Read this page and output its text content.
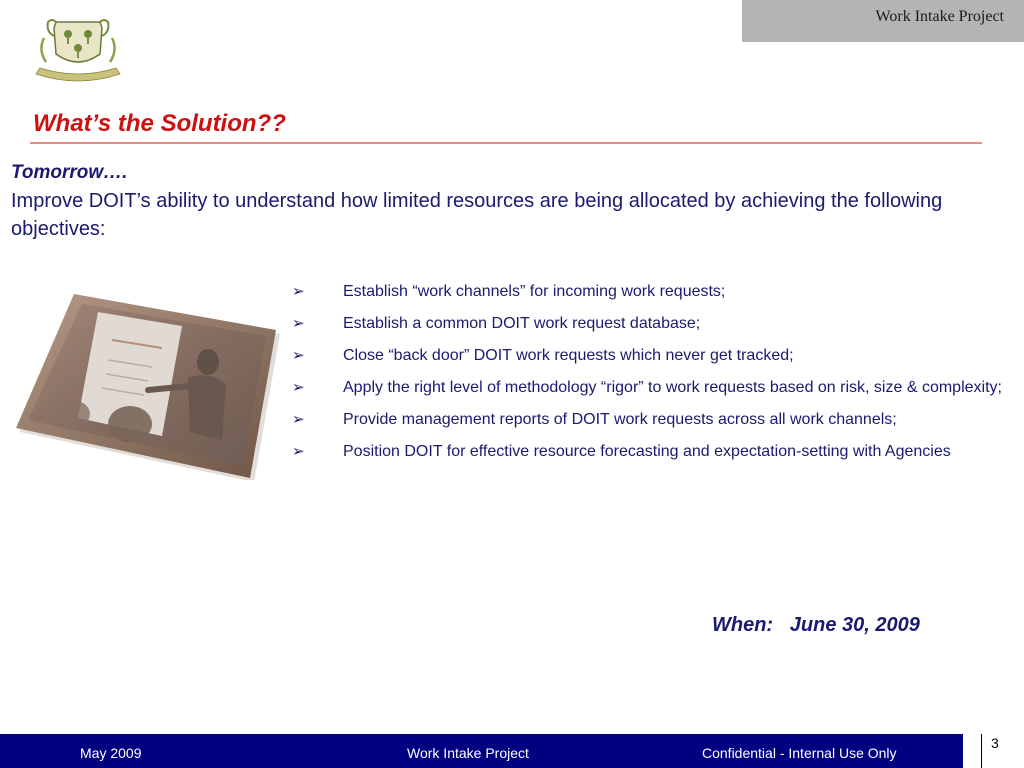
Work Intake Project
What’s the Solution??
Tomorrow….
Improve DOIT’s ability to understand how limited resources are being allocated by achieving the following objectives:
➢ Establish “work channels” for incoming work requests;
➢ Establish a common DOIT work request database;
➢ Close “back door” DOIT work requests which never get tracked;
➢ Apply the right level of methodology “rigor” to work requests based on risk, size & complexity;
➢ Provide management reports of DOIT work requests across all work channels;
➢ Position DOIT for effective resource forecasting and expectation-setting with Agencies
When:   June 30, 2009
May 2009	Work Intake Project	Confidential - Internal Use Only
3
